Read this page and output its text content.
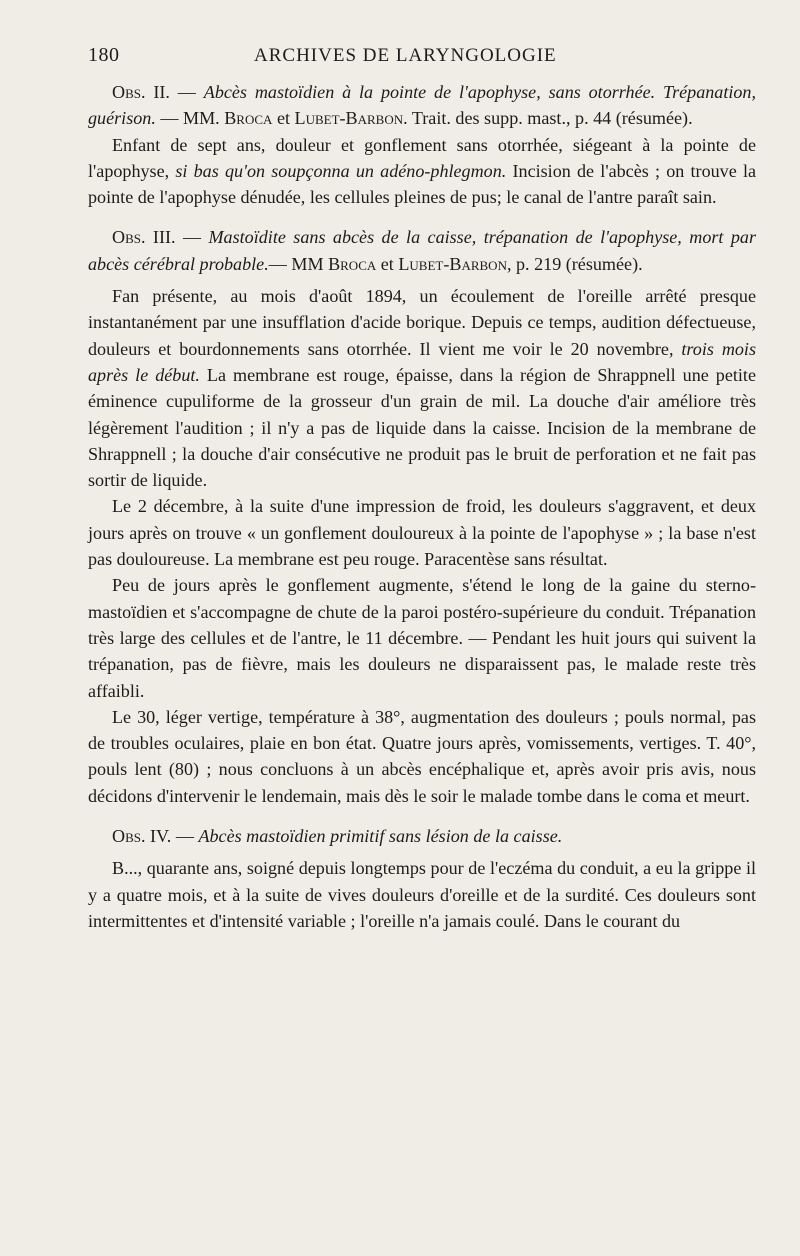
180	ARCHIVES DE LARYNGOLOGIE

Obs. II. — Abcès mastoïdien à la pointe de l'apophyse, sans otorrhée. Trépanation, guérison. — MM. Broca et Lubet-Barbon. Trait. des supp. mast., p. 44 (résumée).

Enfant de sept ans, douleur et gonflement sans otorrhée, siégeant à la pointe de l'apophyse, si bas qu'on soupçonna un adéno-phlegmon. Incision de l'abcès ; on trouve la pointe de l'apophyse dénudée, les cellules pleines de pus; le canal de l'antre paraît sain.

Obs. III. — Mastoïdite sans abcès de la caisse, trépanation de l'apophyse, mort par abcès cérébral probable.— MM Broca et Lubet-Barbon, p. 219 (résumée).

Fan présente, au mois d'août 1894, un écoulement de l'oreille arrêté presque instantanément par une insufflation d'acide borique. Depuis ce temps, audition défectueuse, douleurs et bourdonnements sans otorrhée. Il vient me voir le 20 novembre, trois mois après le début. La membrane est rouge, épaisse, dans la région de Shrappnell une petite éminence cupuliforme de la grosseur d'un grain de mil. La douche d'air améliore très légèrement l'audition ; il n'y a pas de liquide dans la caisse. Incision de la membrane de Shrappnell ; la douche d'air consécutive ne produit pas le bruit de perforation et ne fait pas sortir de liquide.

Le 2 décembre, à la suite d'une impression de froid, les douleurs s'aggravent, et deux jours après on trouve « un gonflement douloureux à la pointe de l'apophyse » ; la base n'est pas douloureuse. La membrane est peu rouge. Paracentèse sans résultat.

Peu de jours après le gonflement augmente, s'étend le long de la gaine du sterno-mastoïdien et s'accompagne de chute de la paroi postéro-supérieure du conduit. Trépanation très large des cellules et de l'antre, le 11 décembre. — Pendant les huit jours qui suivent la trépanation, pas de fièvre, mais les douleurs ne disparaissent pas, le malade reste très affaibli.

Le 30, léger vertige, température à 38°, augmentation des douleurs ; pouls normal, pas de troubles oculaires, plaie en bon état. Quatre jours après, vomissements, vertiges. T. 40°, pouls lent (80) ; nous concluons à un abcès encéphalique et, après avoir pris avis, nous décidons d'intervenir le lendemain, mais dès le soir le malade tombe dans le coma et meurt.

Obs. IV. — Abcès mastoïdien primitif sans lésion de la caisse.

B..., quarante ans, soigné depuis longtemps pour de l'eczéma du conduit, a eu la grippe il y a quatre mois, et à la suite de vives douleurs d'oreille et de la surdité. Ces douleurs sont intermittentes et d'intensité variable ; l'oreille n'a jamais coulé. Dans le courant du
